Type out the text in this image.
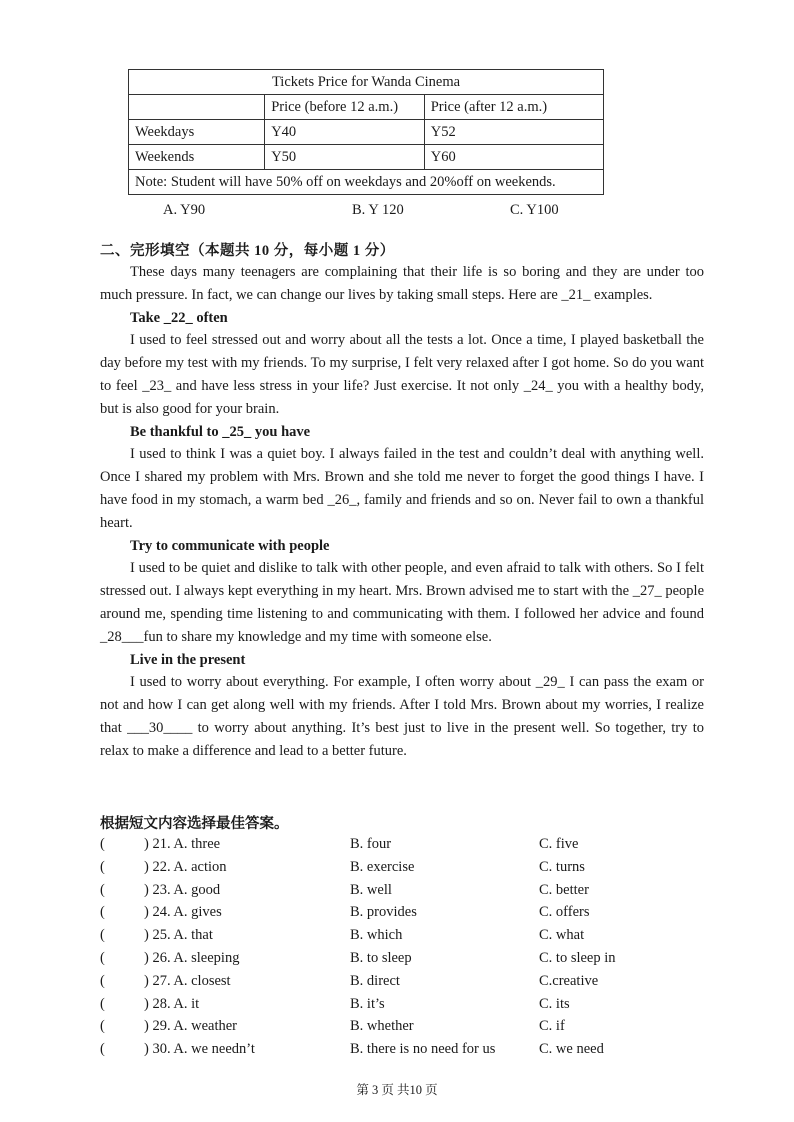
Tickets Price for Wanda Cinema		
	Price (before 12 a.m.)	Price (after 12 a.m.)
Weekdays	Y40	Y52
Weekends	Y50	Y60
Note: Student will have 50% off on weekdays and 20%off on weekends.		
A. Y90	B. Y 120	C. Y100
二、完形填空（本题共 10 分，每小题 1 分）

These days many teenagers are complaining that their life is so boring and they are under too much pressure. In fact, we can change our lives by taking small steps. Here are _21_ examples.

Take _22_ often

I used to feel stressed out and worry about all the tests a lot. Once a time, I played basketball the day before my test with my friends. To my surprise, I felt very relaxed after I got home. So do you want to feel _23_ and have less stress in your life? Just exercise. It not only _24_ you with a healthy body, but is also good for your brain.

Be thankful to _25_ you have

I used to think I was a quiet boy. I always failed in the test and couldn’t deal with anything well. Once I shared my problem with Mrs. Brown and she told me never to forget the good things I have. I have food in my stomach, a warm bed _26_, family and friends and so on. Never fail to own a thankful heart.

Try to communicate with people

I used to be quiet and dislike to talk with other people, and even afraid to talk with others. So I felt stressed out. I always kept everything in my heart. Mrs. Brown advised me to start with the _27_ people around me, spending time listening to and communicating with them. I followed her advice and found _28___fun to share my knowledge and my time with someone else.

Live in the present

I used to worry about everything. For example, I often worry about _29_ I can pass the exam or not and how I can get along well with my friends. After I told Mrs. Brown about my worries, I realize that ___30____ to worry about anything. It’s best just to live in the present well. So together, try to relax to make a difference and lead to a better future.

根据短文内容选择最佳答案。
(	) 21. A. three	B. four	C. five
(	) 22. A. action	B. exercise	C. turns
(	) 23. A. good	B. well	C. better
(	) 24. A. gives	B. provides	C. offers
(	) 25. A. that	B. which	C. what
(	) 26. A. sleeping	B. to sleep	C. to sleep in
(	) 27. A. closest	B. direct	C.creative
(	) 28. A. it	B. it’s	C. its
(	) 29. A. weather	B. whether	C. if
(	) 30. A. we needn’t	B. there is no need for us	C. we need
第 3 页 共10 页
